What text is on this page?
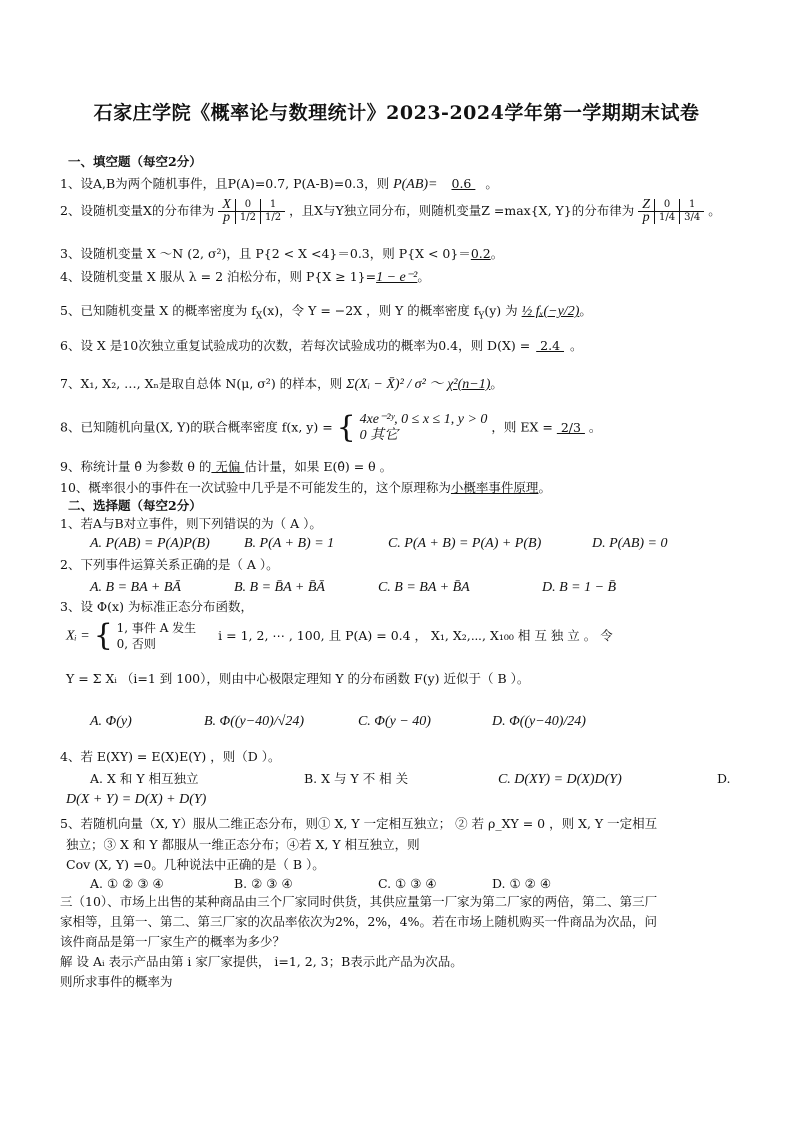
石家庄学院《概率论与数理统计》2023-2024学年第一学期期末试卷
一、填空题（每空2分）
1、设A,B为两个随机事件，且P(A)=0.7, P(A-B)=0.3，则 P(AB)= 0.6 。
2、设随机变量X的分布律为 X	0	1
p	1/2	1/2 ，且X与Y独立同分布，则随机变量Z =max{X, Y}的分布律为 Z	0	1
p	1/4	3/4 。
3、设随机变量 X ～N (2, σ²)，且 P{2 < X <4}＝0.3，则 P{X < 0}＝0.2。
4、设随机变量 X 服从 λ = 2 泊松分布，则 P{X ≥ 1}=1 − e⁻²。
5、已知随机变量 X 的概率密度为 $f_X(x)$，令 Y = −2X ，则 Y 的概率密度 $f_Y(y)$ 为 ½ fₓ(−y/2)。
6、设 X 是10次独立重复试验成功的次数，若每次试验成功的概率为0.4，则 D(X) = 2.4 。
7、X₁, X₂, …, Xₙ是取自总体 N(μ, σ²) 的样本，则 Σ(Xᵢ − X̄)² / σ² ～ χ²(n−1)。
8、已知随机向量(X, Y)的联合概率密度 f(x, y) = { 4xe⁻²ʸ, 0 ≤ x ≤ 1, y > 0
0 其它
，则 EX = 2/3 。
9、称统计量 θ̂ 为参数 θ 的 无偏 估计量，如果 E(θ̂) = θ 。
10、概率很小的事件在一次试验中几乎是不可能发生的，这个原理称为小概率事件原理。
二、选择题（每空2分）
1、若A与B对立事件，则下列错误的为（ A ）。
A. P(AB) = P(A)P(B) B. P(A + B) = 1	C. P(A + B) = P(A) + P(B)	D. P(AB) = 0
2、下列事件运算关系正确的是（ A ）。
A. B = BA + BĀ	B. B = B̄A + B̄Ā	C. B = BA + B̄A	D. B = 1 − B̄
3、设 Φ(x) 为标准正态分布函数，
Xᵢ = { 1, 事件 A 发生
0, 否则
i = 1, 2, ⋯ , 100, 且 P(A) = 0.4 ， X₁, X₂,⋯, X₁₀₀ 相 互 独 立 。 令
Y = Σ Xᵢ （i=1 到 100），则由中心极限定理知 Y 的分布函数 F(y) 近似于（ B ）。
A. Φ(y)	B. Φ((y−40)/√24)	C. Φ(y − 40)	D. Φ((y−40)/24)
4、若 E(XY) = E(X)E(Y) ，则（D ）。
A. X 和 Y 相互独立	B. X 与 Y 不 相 关	C. D(XY) = D(X)D(Y)	D.
D(X + Y) = D(X) + D(Y)
5、若随机向量（X, Y）服从二维正态分布，则① X, Y 一定相互独立； ② 若 ρ_XY = 0 ，则 X, Y 一定相互
独立；③ X 和 Y 都服从一维正态分布；④若 X, Y 相互独立，则
Cov (X, Y) =0。几种说法中正确的是（ B ）。
A. ① ② ③ ④	B. ② ③ ④	C. ① ③ ④	D. ① ② ④
三（10）、市场上出售的某种商品由三个厂家同时供货，其供应量第一厂家为第二厂家的两倍，第二、第三厂
家相等，且第一、第二、第三厂家的次品率依次为2%，2%，4%。若在市场上随机购买一件商品为次品，问
该件商品是第一厂家生产的概率为多少？
解 设 Aᵢ 表示产品由第 i 家厂家提供， i=1, 2, 3；B表示此产品为次品。
则所求事件的概率为
